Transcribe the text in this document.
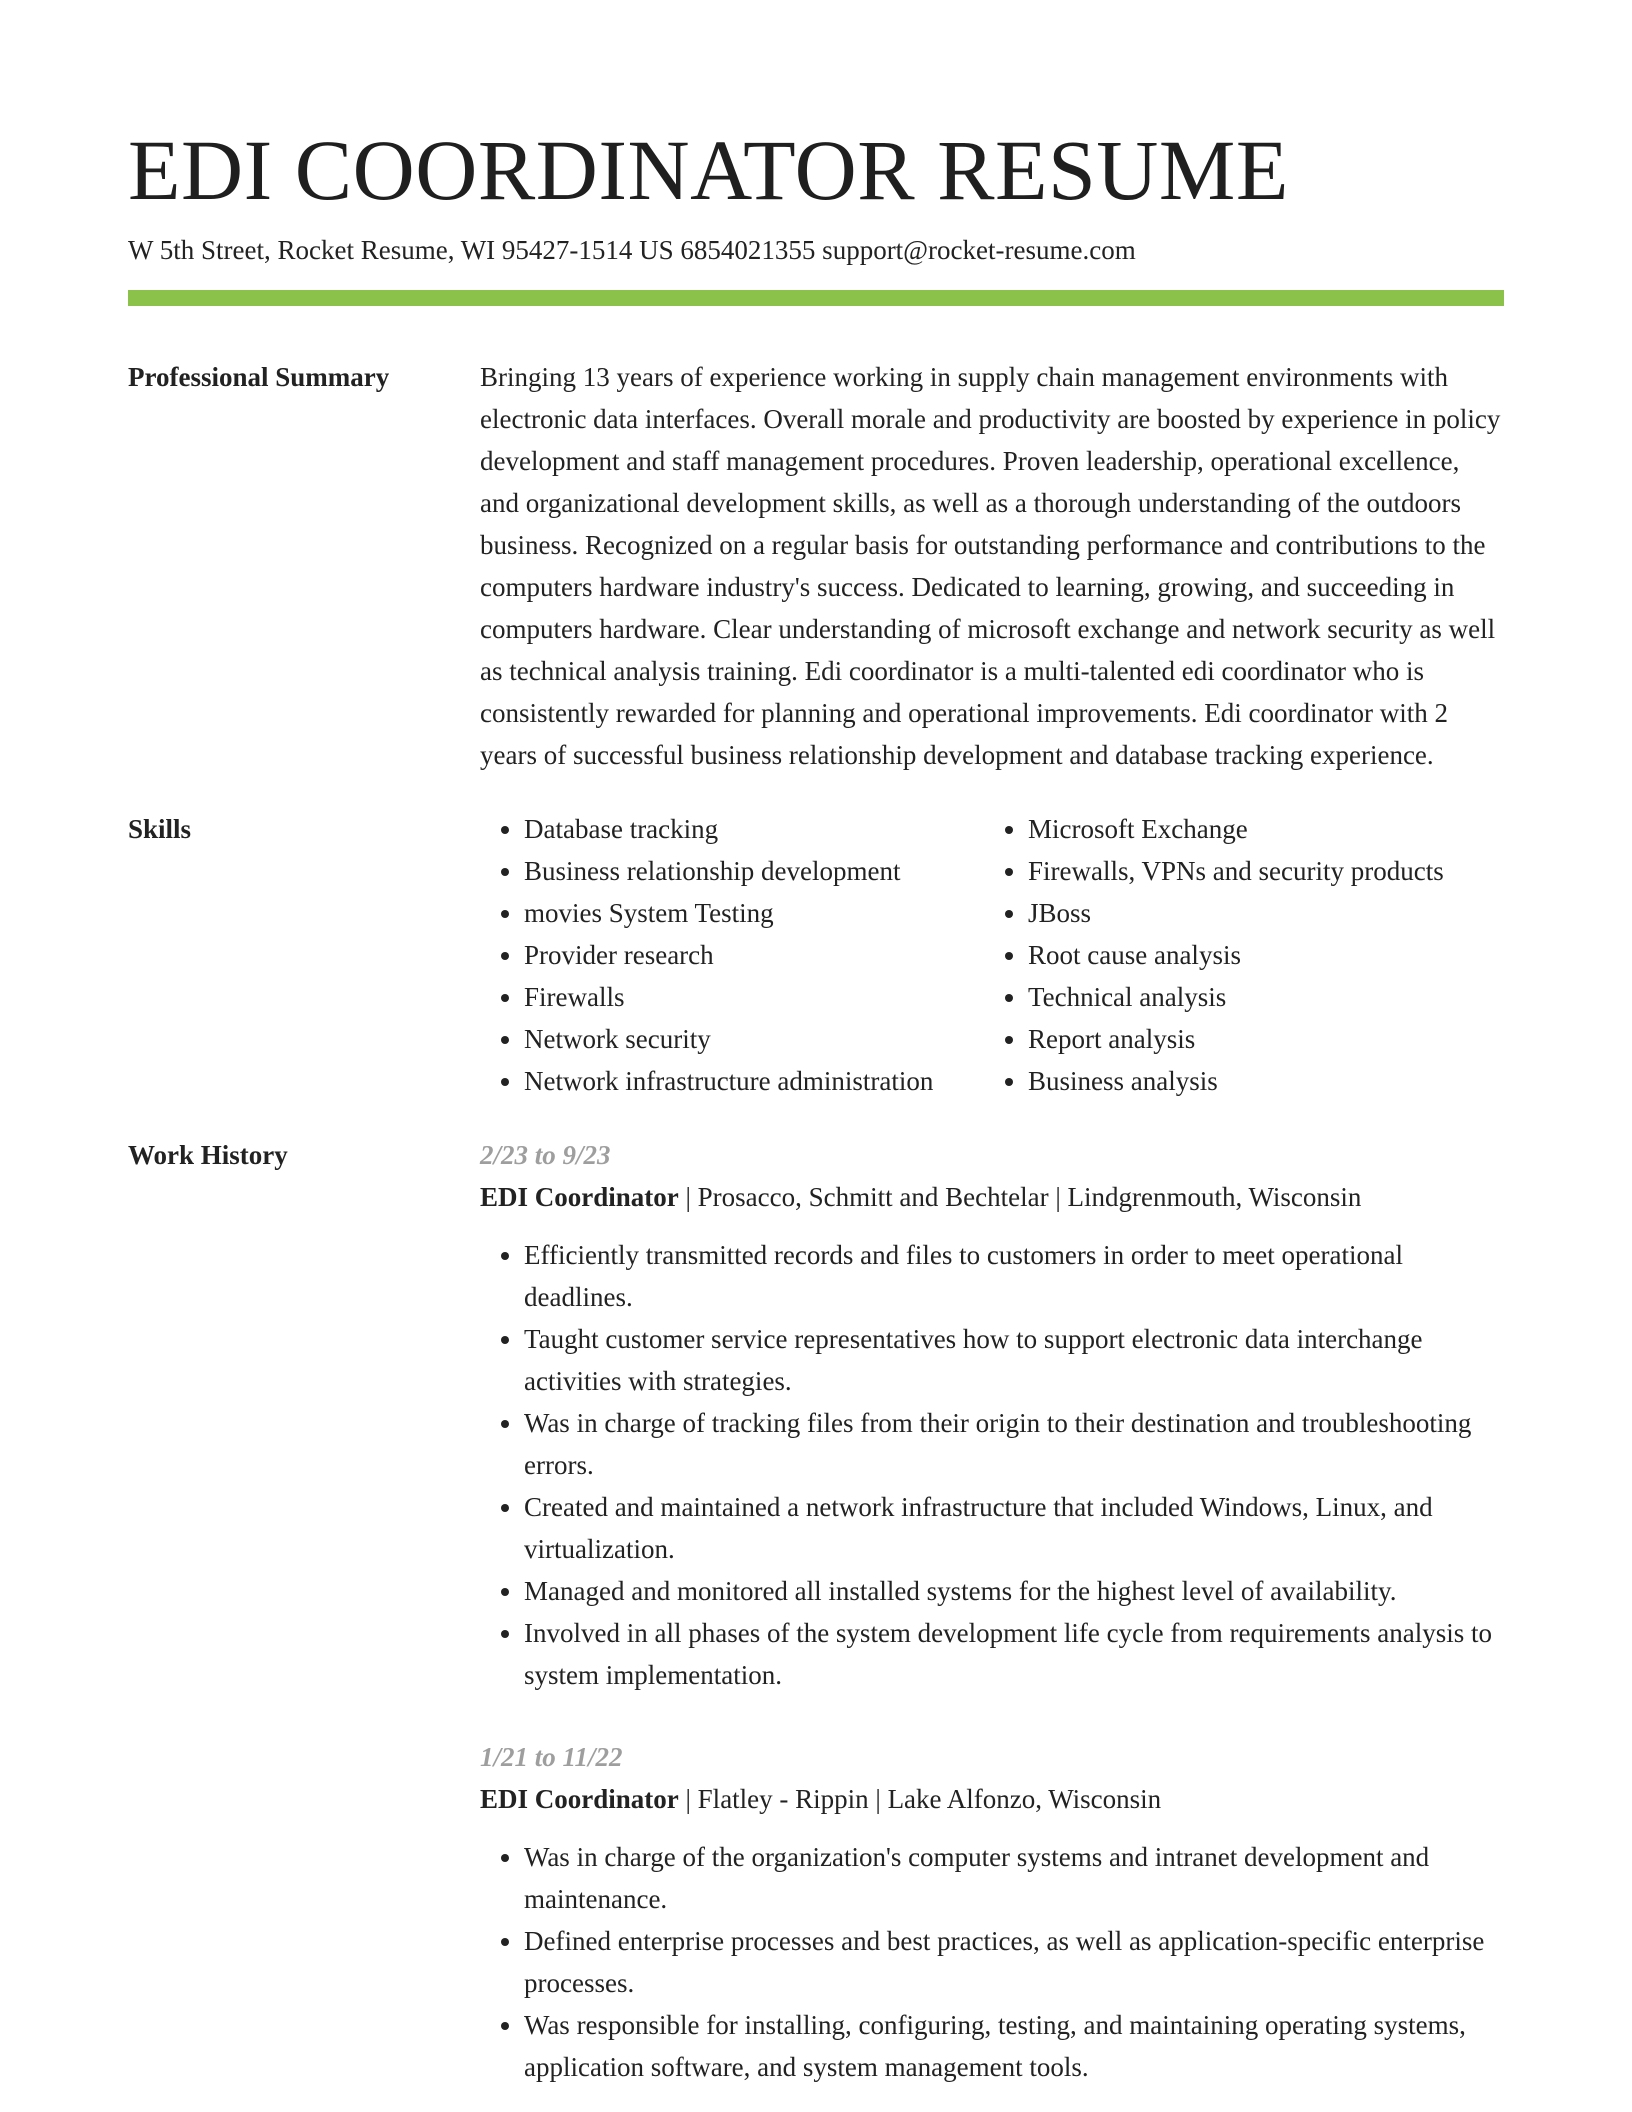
EDI COORDINATOR RESUME
W 5th Street, Rocket Resume, WI 95427-1514 US 6854021355 support@rocket-resume.com
Professional Summary	Bringing 13 years of experience working in supply chain management environments with electronic data interfaces. Overall morale and productivity are boosted by experience in policy development and staff management procedures. Proven leadership, operational excellence, and organizational development skills, as well as a thorough understanding of the outdoors business. Recognized on a regular basis for outstanding performance and contributions to the computers hardware industry's success. Dedicated to learning, growing, and succeeding in computers hardware. Clear understanding of microsoft exchange and network security as well as technical analysis training. Edi coordinator is a multi-talented edi coordinator who is consistently rewarded for planning and operational improvements. Edi coordinator with 2 years of successful business relationship development and database tracking experience.
Skills
•	Database tracking
• Business relationship development
• movies System Testing
• Provider research
• Firewalls
• Network security
• Network infrastructure administration
• Microsoft Exchange
• Firewalls, VPNs and security products
• JBoss
• Root cause analysis
• Technical analysis
• Report analysis
• Business analysis
Work History	2/23 to 9/23
EDI Coordinator | Prosacco, Schmitt and Bechtelar | Lindgrenmouth, Wisconsin
• Efficiently transmitted records and files to customers in order to meet operational deadlines.
• Taught customer service representatives how to support electronic data interchange activities with strategies.
• Was in charge of tracking files from their origin to their destination and troubleshooting errors.
• Created and maintained a network infrastructure that included Windows, Linux, and virtualization.
• Managed and monitored all installed systems for the highest level of availability.
• Involved in all phases of the system development life cycle from requirements analysis to system implementation.
1/21 to 11/22
EDI Coordinator | Flatley - Rippin | Lake Alfonzo, Wisconsin
• Was in charge of the organization's computer systems and intranet development and maintenance.
• Defined enterprise processes and best practices, as well as application-specific enterprise processes.
• Was responsible for installing, configuring, testing, and maintaining operating systems, application software, and system management tools.
